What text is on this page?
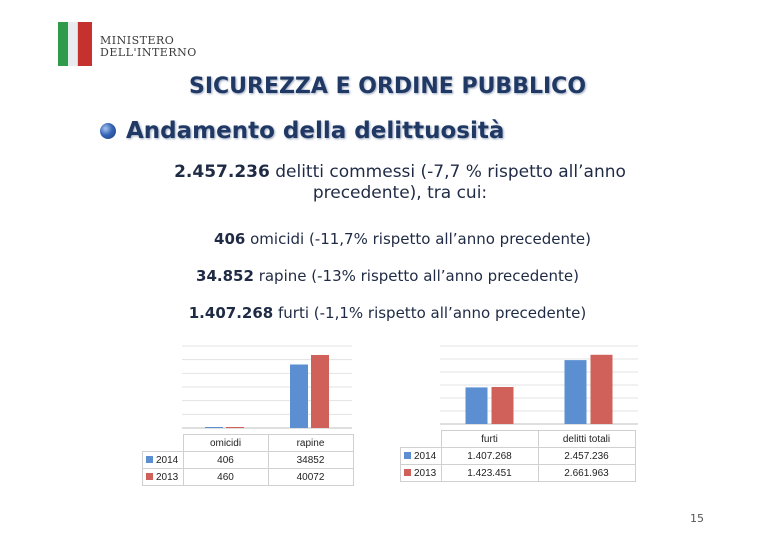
MINISTERO
DELL'INTERNO
SICUREZZA E ORDINE PUBBLICO
Andamento della delittuosità
2.457.236 delitti commessi (-7,7 % rispetto all’anno precedente), tra cui:
406 omicidi (-11,7% rispetto all’anno precedente)
34.852 rapine (-13% rispetto all’anno precedente)
1.407.268 furti (-1,1% rispetto all’anno precedente)
	omicidi	rapine
2014	406	34852
2013	460	40072
	furti	delitti totali
2014	1.407.268	2.457.236
2013	1.423.451	2.661.963
15
